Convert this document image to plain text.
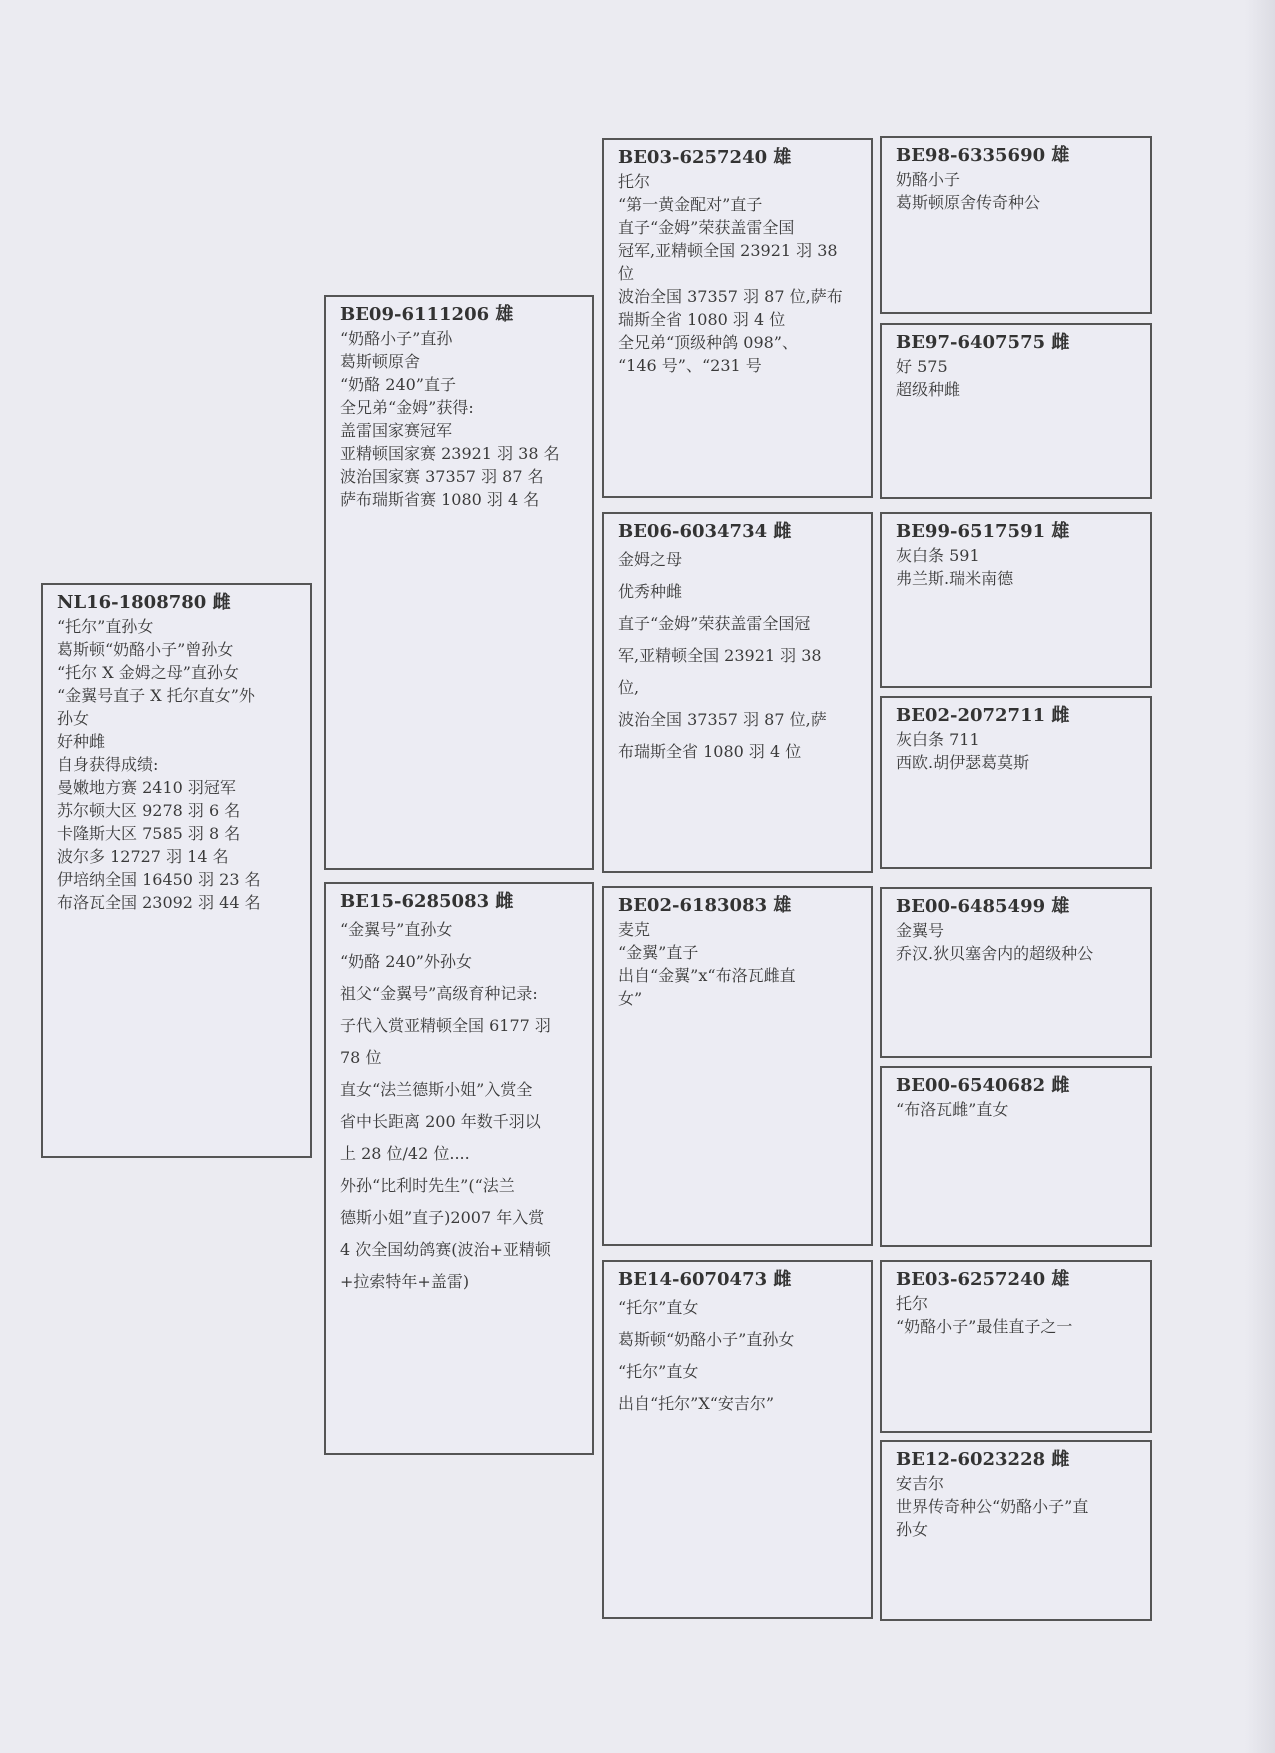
NL16-1808780 雌
“托尔”直孙女
葛斯顿“奶酪小子”曾孙女
“托尔 X 金姆之母”直孙女
“金翼号直子 X 托尔直女”外
孙女
好种雌
自身获得成绩:
曼嫩地方赛 2410 羽冠军
苏尔顿大区 9278 羽 6 名
卡隆斯大区 7585 羽 8 名
波尔多 12727 羽 14 名
伊培纳全国 16450 羽 23 名
布洛瓦全国 23092 羽 44 名
BE09-6111206 雄
“奶酪小子”直孙
葛斯顿原舍
“奶酪 240”直子
全兄弟“金姆”获得:
盖雷国家赛冠军
亚精顿国家赛 23921 羽 38 名
波治国家赛 37357 羽 87 名
萨布瑞斯省赛 1080 羽 4 名
BE15-6285083 雌
“金翼号”直孙女
“奶酪 240”外孙女
祖父“金翼号”高级育种记录:
子代入赏亚精顿全国 6177 羽
78 位
直女“法兰德斯小姐”入赏全
省中长距离 200 年数千羽以
上 28 位/42 位....
外孙“比利时先生”(“法兰
德斯小姐”直子)2007 年入赏
4 次全国幼鸽赛(波治+亚精顿
+拉索特年+盖雷)
BE03-6257240 雄
托尔
“第一黄金配对”直子
直子“金姆”荣获盖雷全国
冠军,亚精顿全国 23921 羽 38
位
波治全国 37357 羽 87 位,萨布
瑞斯全省 1080 羽 4 位
全兄弟“顶级种鸽 098”、
“146 号”、“231 号
BE06-6034734 雌
金姆之母
优秀种雌
直子“金姆”荣获盖雷全国冠
军,亚精顿全国 23921 羽 38
位,
波治全国 37357 羽 87 位,萨
布瑞斯全省 1080 羽 4 位
BE02-6183083 雄
麦克
“金翼”直子
出自“金翼”x“布洛瓦雌直
女”
BE14-6070473 雌
“托尔”直女
葛斯顿“奶酪小子”直孙女
“托尔”直女
出自“托尔”X“安吉尔”
BE98-6335690 雄
奶酪小子
葛斯顿原舍传奇种公
BE97-6407575 雌
好 575
超级种雌
BE99-6517591 雄
灰白条 591
弗兰斯.瑞米南德
BE02-2072711 雌
灰白条 711
西欧.胡伊瑟葛莫斯
BE00-6485499 雄
金翼号
乔汉.狄贝塞舍内的超级种公
BE00-6540682 雌
“布洛瓦雌”直女
BE03-6257240 雄
托尔
“奶酪小子”最佳直子之一
BE12-6023228 雌
安吉尔
世界传奇种公“奶酪小子”直
孙女
